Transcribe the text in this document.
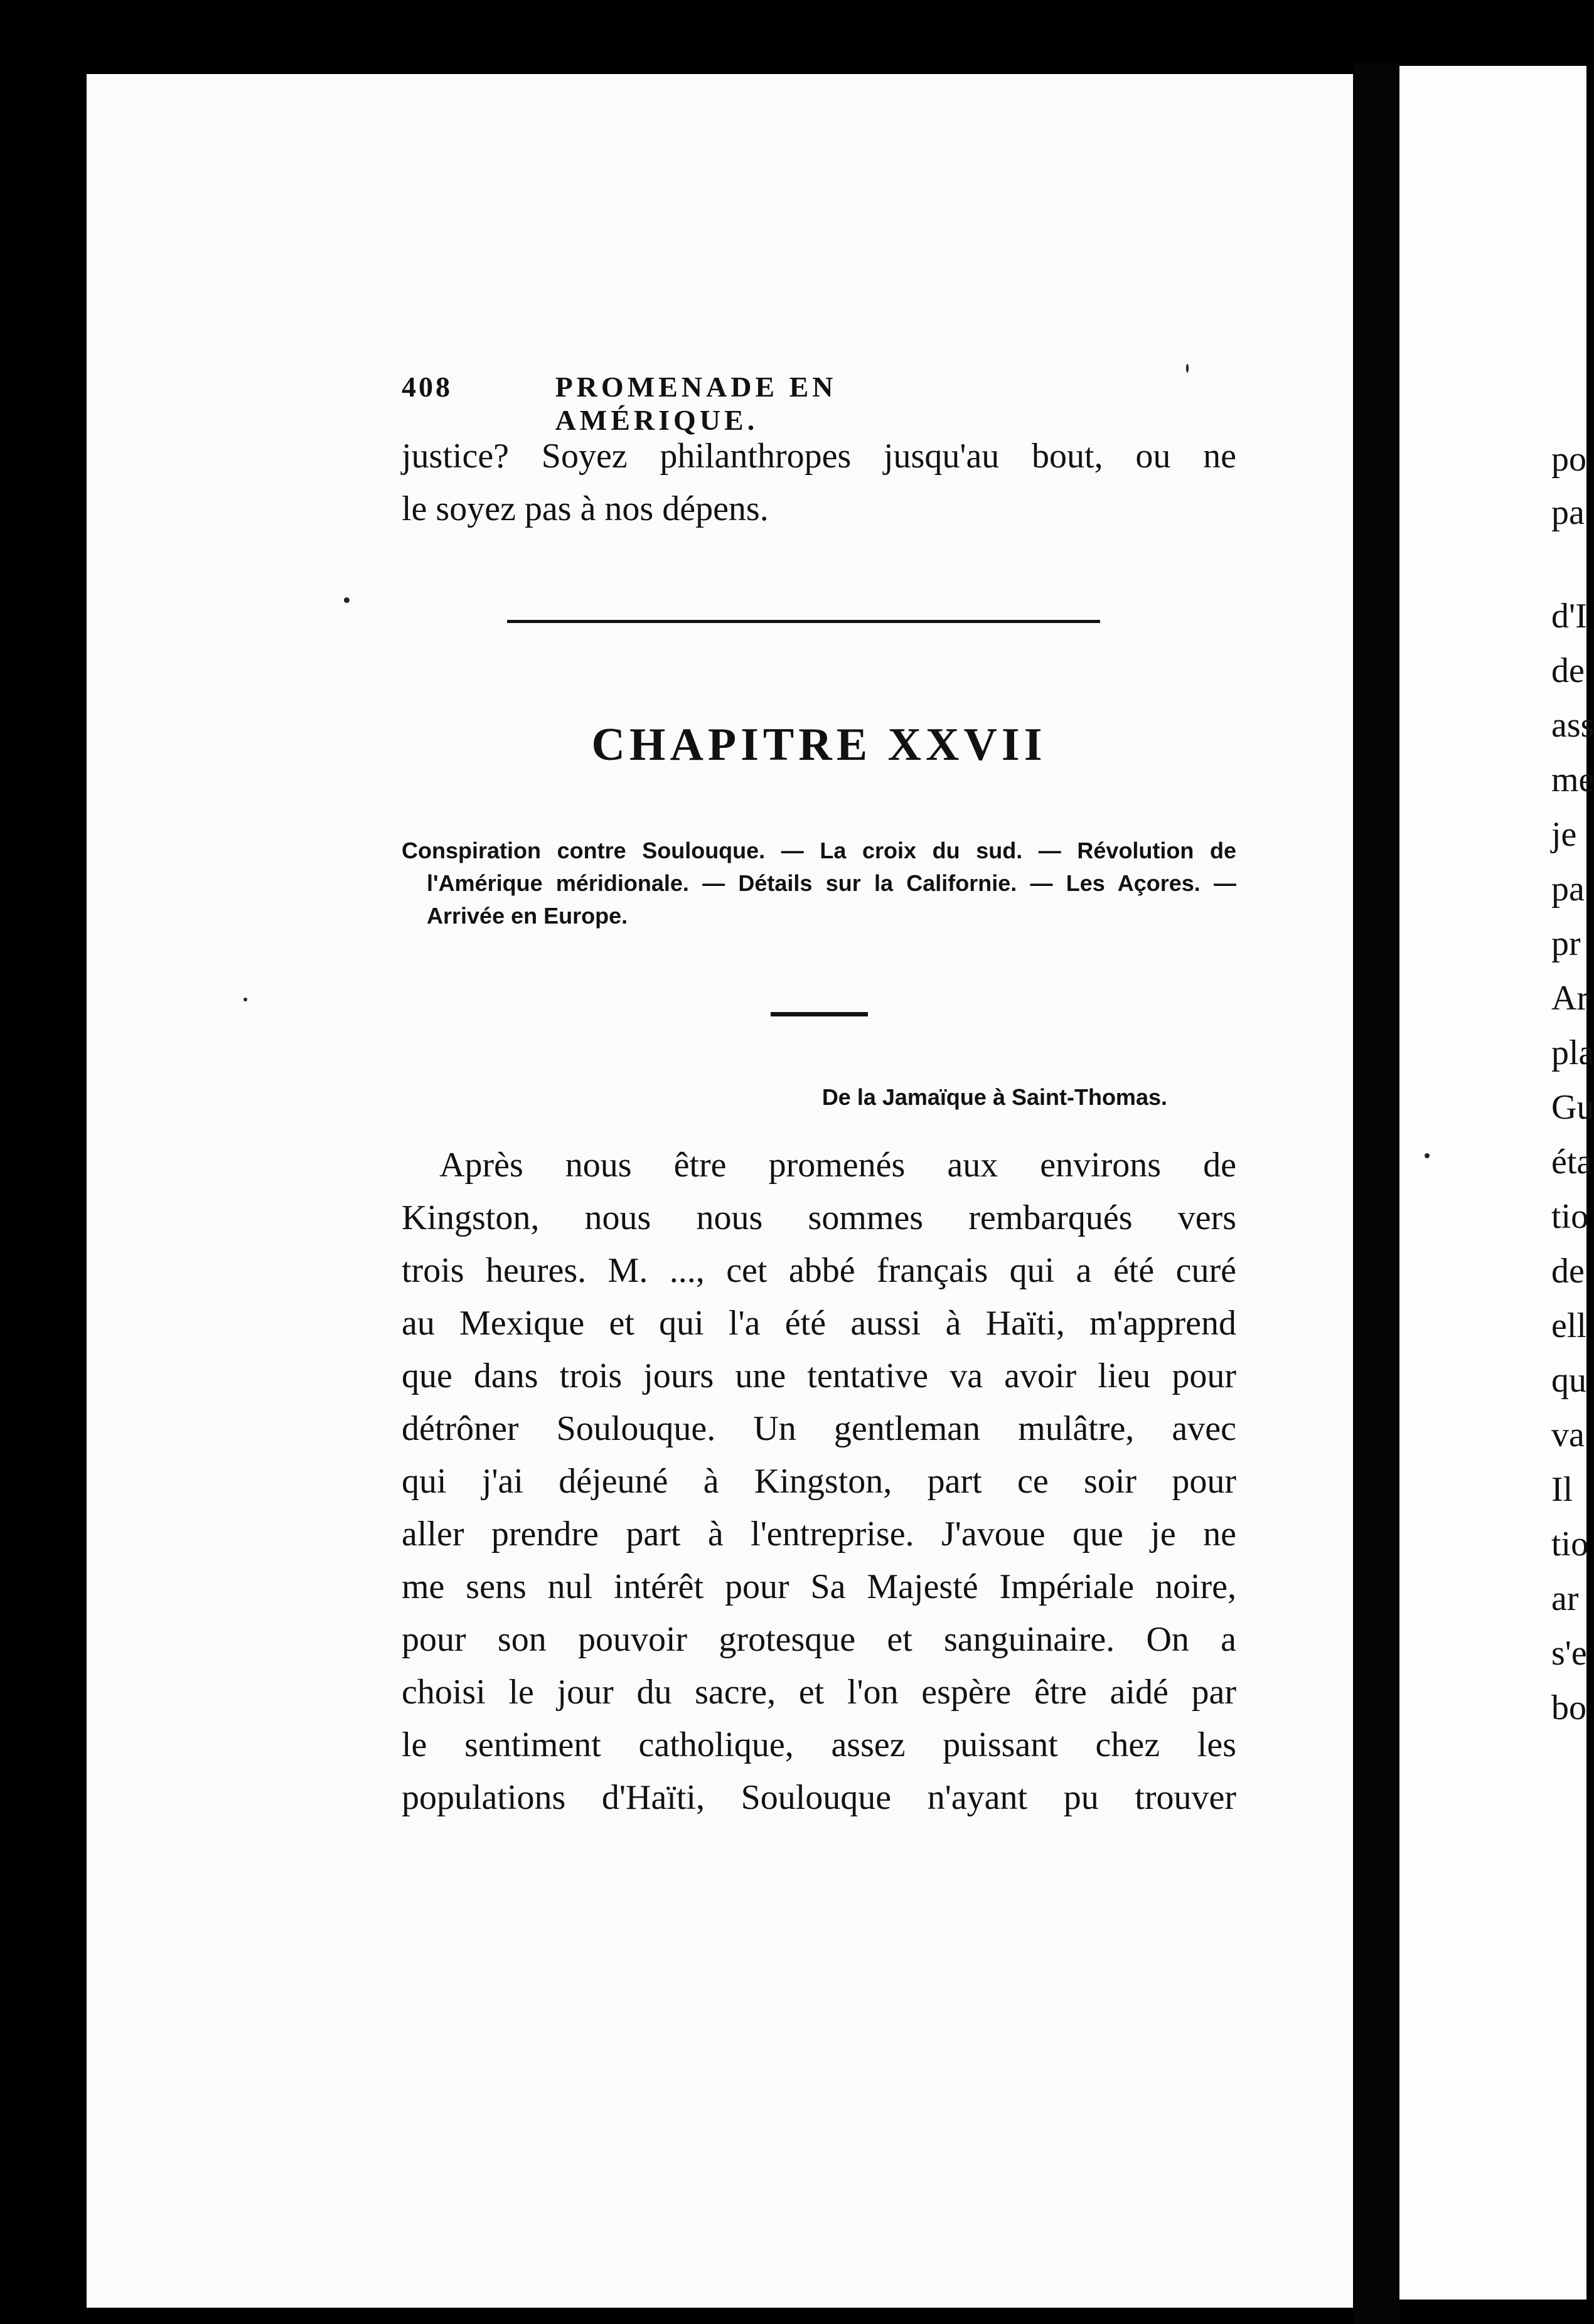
408	PROMENADE EN AMÉRIQUE.
justice? Soyez philanthropes jusqu'au bout, ou ne
le soyez pas à nos dépens.
CHAPITRE XXVII
Conspiration contre Soulouque. — La croix du sud. — Révolution de
l'Amérique méridionale. — Détails sur la Californie. — Les Açores. —
Arrivée en Europe.
De la Jamaïque à Saint-Thomas.
Après nous être promenés aux environs de
Kingston, nous nous sommes rembarqués vers
trois heures. M. ..., cet abbé français qui a été curé
au Mexique et qui l'a été aussi à Haïti, m'apprend
que dans trois jours une tentative va avoir lieu pour
détrôner Soulouque. Un gentleman mulâtre, avec
qui j'ai déjeuné à Kingston, part ce soir pour
aller prendre part à l'entreprise. J'avoue que je ne
me sens nul intérêt pour Sa Majesté Impériale noire,
pour son pouvoir grotesque et sanguinaire. On a
choisi le jour du sacre, et l'on espère être aidé par
le sentiment catholique, assez puissant chez les
populations d'Haïti, Soulouque n'ayant pu trouver
po
pa
d'I
de
ass
me
je
pa
pr
Ar
pla
Gu
éta
tio
de
ell
qu
va
Il
tio
ar
s'e
bo
